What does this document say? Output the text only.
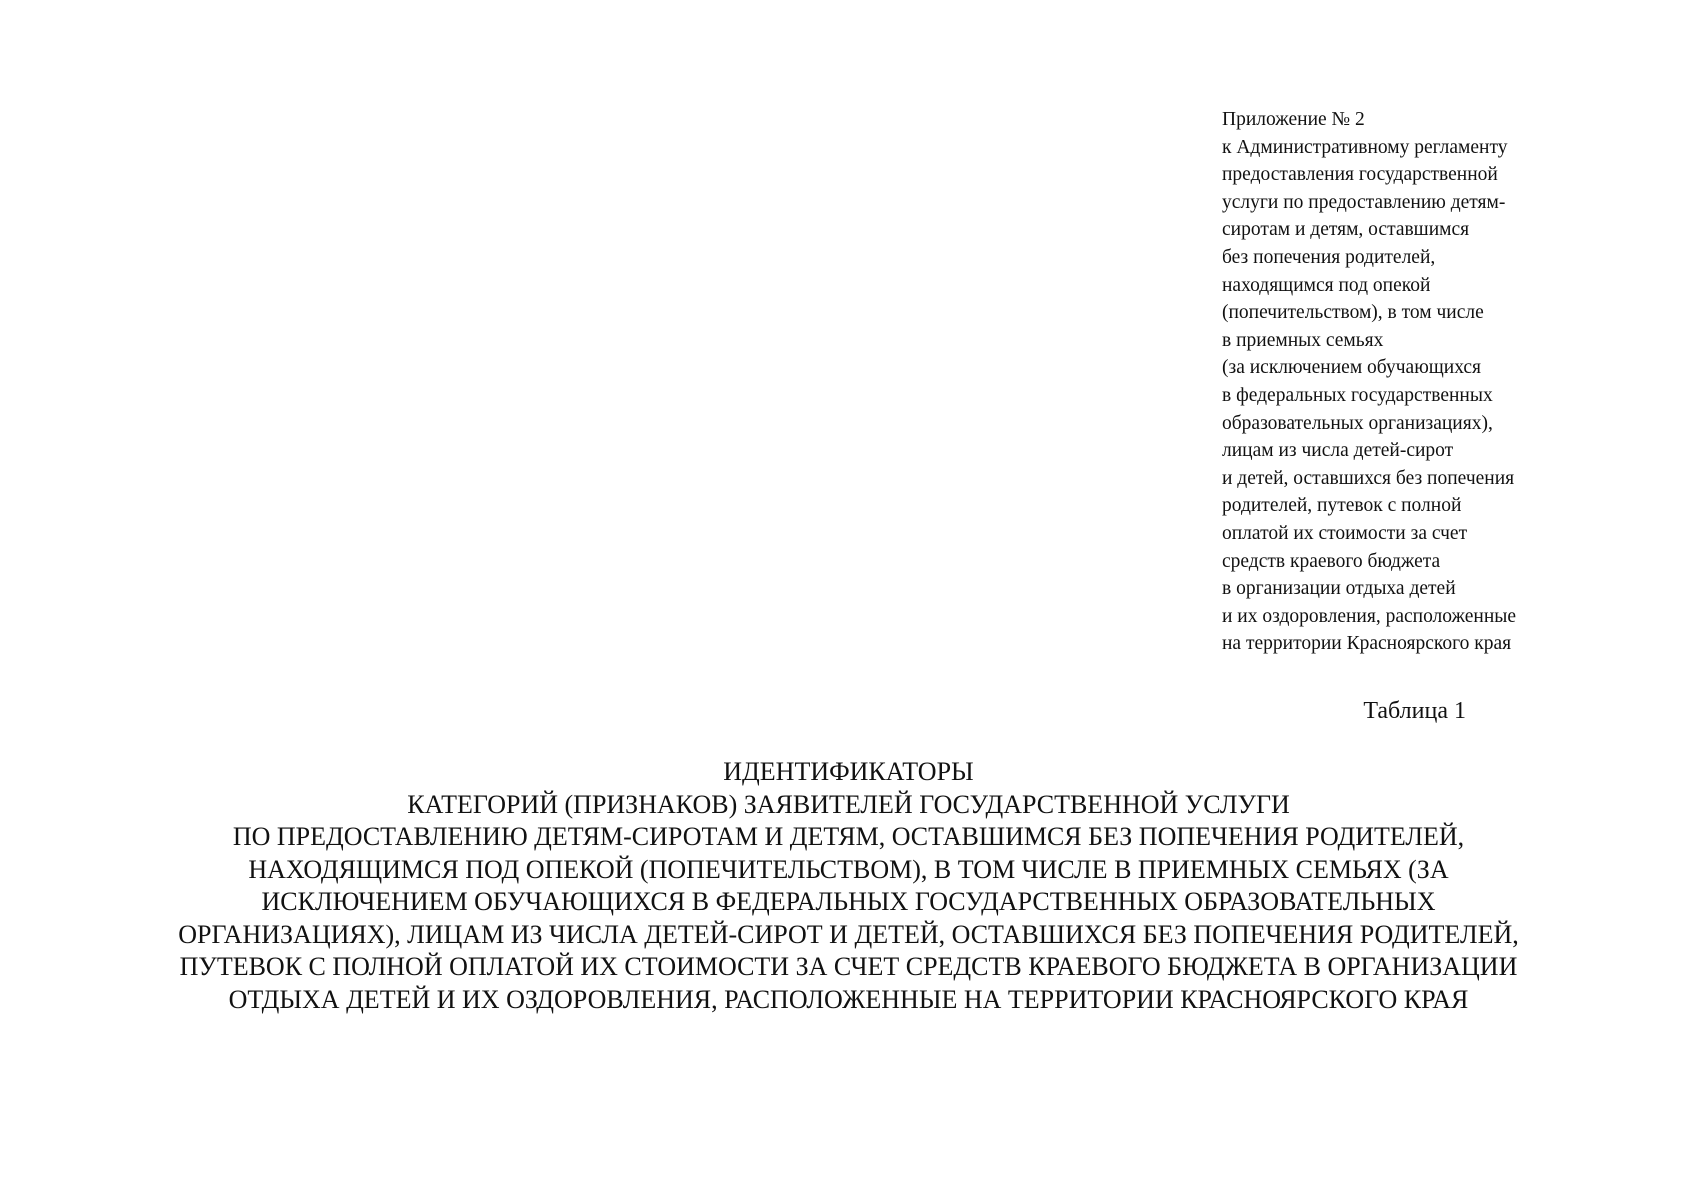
Приложение № 2
к Административному регламенту
предоставления государственной
услуги по предоставлению детям-
сиротам и детям, оставшимся
без попечения родителей,
находящимся под опекой
(попечительством), в том числе
в приемных семьях
(за исключением обучающихся
в федеральных государственных
образовательных организациях),
лицам из числа детей-сирот
и детей, оставшихся без попечения
родителей, путевок с полной
оплатой их стоимости за счет
средств краевого бюджета
в организации отдыха детей
и их оздоровления, расположенные
на территории Красноярского края
Таблица 1
ИДЕНТИФИКАТОРЫ
КАТЕГОРИЙ (ПРИЗНАКОВ) ЗАЯВИТЕЛЕЙ ГОСУДАРСТВЕННОЙ УСЛУГИ
ПО ПРЕДОСТАВЛЕНИЮ ДЕТЯМ-СИРОТАМ И ДЕТЯМ, ОСТАВШИМСЯ БЕЗ ПОПЕЧЕНИЯ РОДИТЕЛЕЙ,
НАХОДЯЩИМСЯ ПОД ОПЕКОЙ (ПОПЕЧИТЕЛЬСТВОМ), В ТОМ ЧИСЛЕ В ПРИЕМНЫХ СЕМЬЯХ (ЗА
ИСКЛЮЧЕНИЕМ ОБУЧАЮЩИХСЯ В ФЕДЕРАЛЬНЫХ ГОСУДАРСТВЕННЫХ ОБРАЗОВАТЕЛЬНЫХ
ОРГАНИЗАЦИЯХ), ЛИЦАМ ИЗ ЧИСЛА ДЕТЕЙ-СИРОТ И ДЕТЕЙ, ОСТАВШИХСЯ БЕЗ ПОПЕЧЕНИЯ РОДИТЕЛЕЙ,
ПУТЕВОК С ПОЛНОЙ ОПЛАТОЙ ИХ СТОИМОСТИ ЗА СЧЕТ СРЕДСТВ КРАЕВОГО БЮДЖЕТА В ОРГАНИЗАЦИИ
ОТДЫХА ДЕТЕЙ И ИХ ОЗДОРОВЛЕНИЯ, РАСПОЛОЖЕННЫЕ НА ТЕРРИТОРИИ КРАСНОЯРСКОГО КРАЯ
